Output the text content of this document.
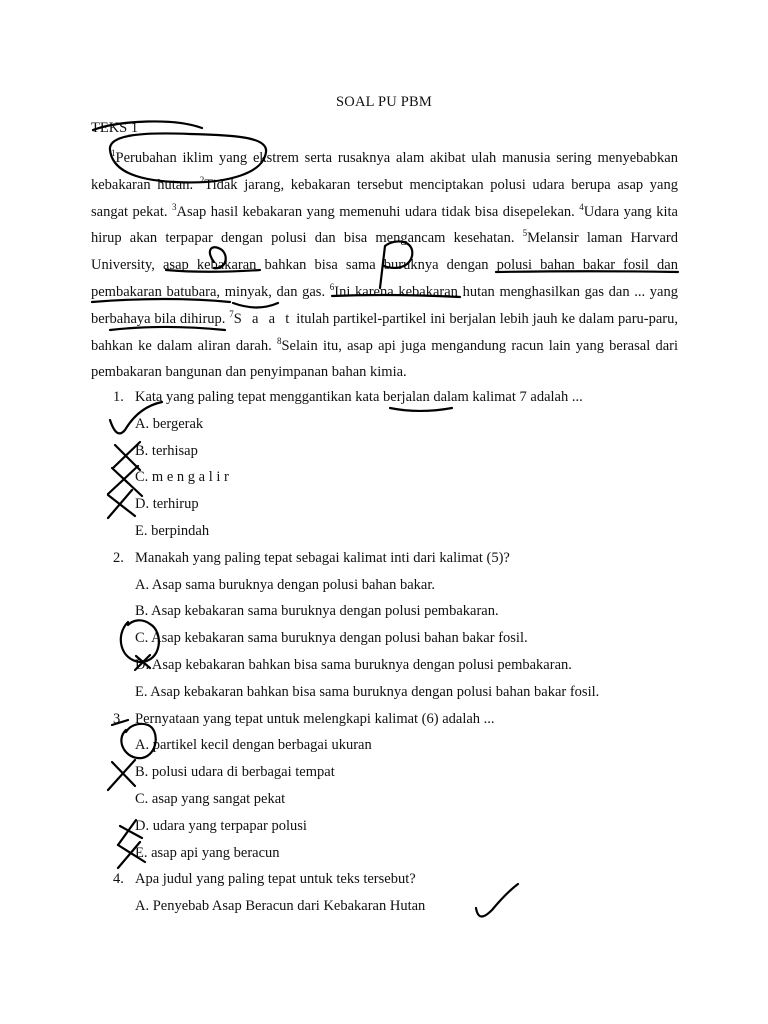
SOAL PU PBM
TEKS 1
$^1$Perubahan iklim yang ekstrem serta rusaknya alam akibat ulah manusia sering menyebabkan kebakaran hutan. $^2$Tidak jarang, kebakaran tersebut menciptakan polusi udara berupa asap yang sangat pekat. $^3$Asap hasil kebakaran yang memenuhi udara tidak bisa disepelekan. $^4$Udara yang kita hirup akan terpapar dengan polusi dan bisa mengancam kesehatan. $^5$Melansir laman Harvard University, asap kebakaran bahkan bisa sama buruknya dengan polusi bahan bakar fosil dan pembakaran batubara, minyak, dan gas. $^6$Ini karena kebakaran hutan menghasilkan gas dan ... yang berbahaya bila dihirup. $^7$S a a t itulah partikel-partikel ini berjalan lebih jauh ke dalam paru-paru, bahkan ke dalam aliran darah. $^8$Selain itu, asap api juga mengandung racun lain yang berasal dari pembakaran bangunan dan penyimpanan bahan kimia.
1. Kata yang paling tepat menggantikan kata berjalan dalam kalimat 7 adalah ...
A. bergerak
B. terhisap
C. m e n g a l i r
D. terhirup
E. berpindah
2. Manakah yang paling tepat sebagai kalimat inti dari kalimat (5)?
A. Asap sama buruknya dengan polusi bahan bakar.
B. Asap kebakaran sama buruknya dengan polusi pembakaran.
C. Asap kebakaran sama buruknya dengan polusi bahan bakar fosil.
D. Asap kebakaran bahkan bisa sama buruknya dengan polusi pembakaran.
E. Asap kebakaran bahkan bisa sama buruknya dengan polusi bahan bakar fosil.
3. Pernyataan yang tepat untuk melengkapi kalimat (6) adalah ...
A. partikel kecil dengan berbagai ukuran
B. polusi udara di berbagai tempat
C. asap yang sangat pekat
D. udara yang terpapar polusi
E. asap api yang beracun
4. Apa judul yang paling tepat untuk teks tersebut?
A. Penyebab Asap Beracun dari Kebakaran Hutan
